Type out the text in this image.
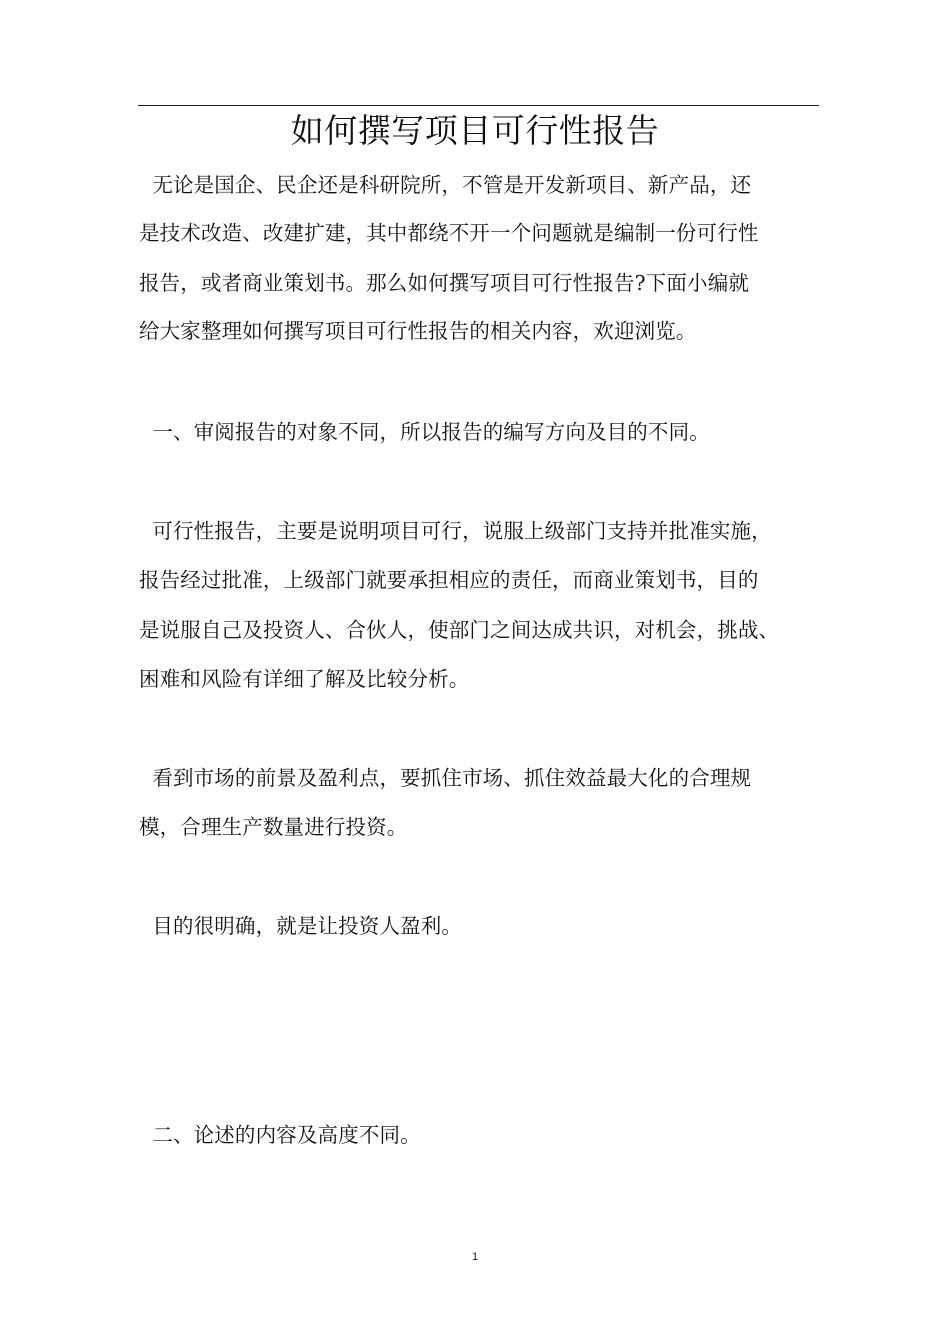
如何撰写项目可行性报告
无论是国企、民企还是科研院所，不管是开发新项目、新产品，还
是技术改造、改建扩建，其中都绕不开一个问题就是编制一份可行性
报告，或者商业策划书。那么如何撰写项目可行性报告?下面小编就
给大家整理如何撰写项目可行性报告的相关内容，欢迎浏览。
一、审阅报告的对象不同，所以报告的编写方向及目的不同。
可行性报告，主要是说明项目可行，说服上级部门支持并批准实施，
报告经过批准，上级部门就要承担相应的责任，而商业策划书，目的
是说服自己及投资人、合伙人，使部门之间达成共识，对机会，挑战、
困难和风险有详细了解及比较分析。
看到市场的前景及盈利点，要抓住市场、抓住效益最大化的合理规
模，合理生产数量进行投资。
目的很明确，就是让投资人盈利。
二、论述的内容及高度不同。
1
